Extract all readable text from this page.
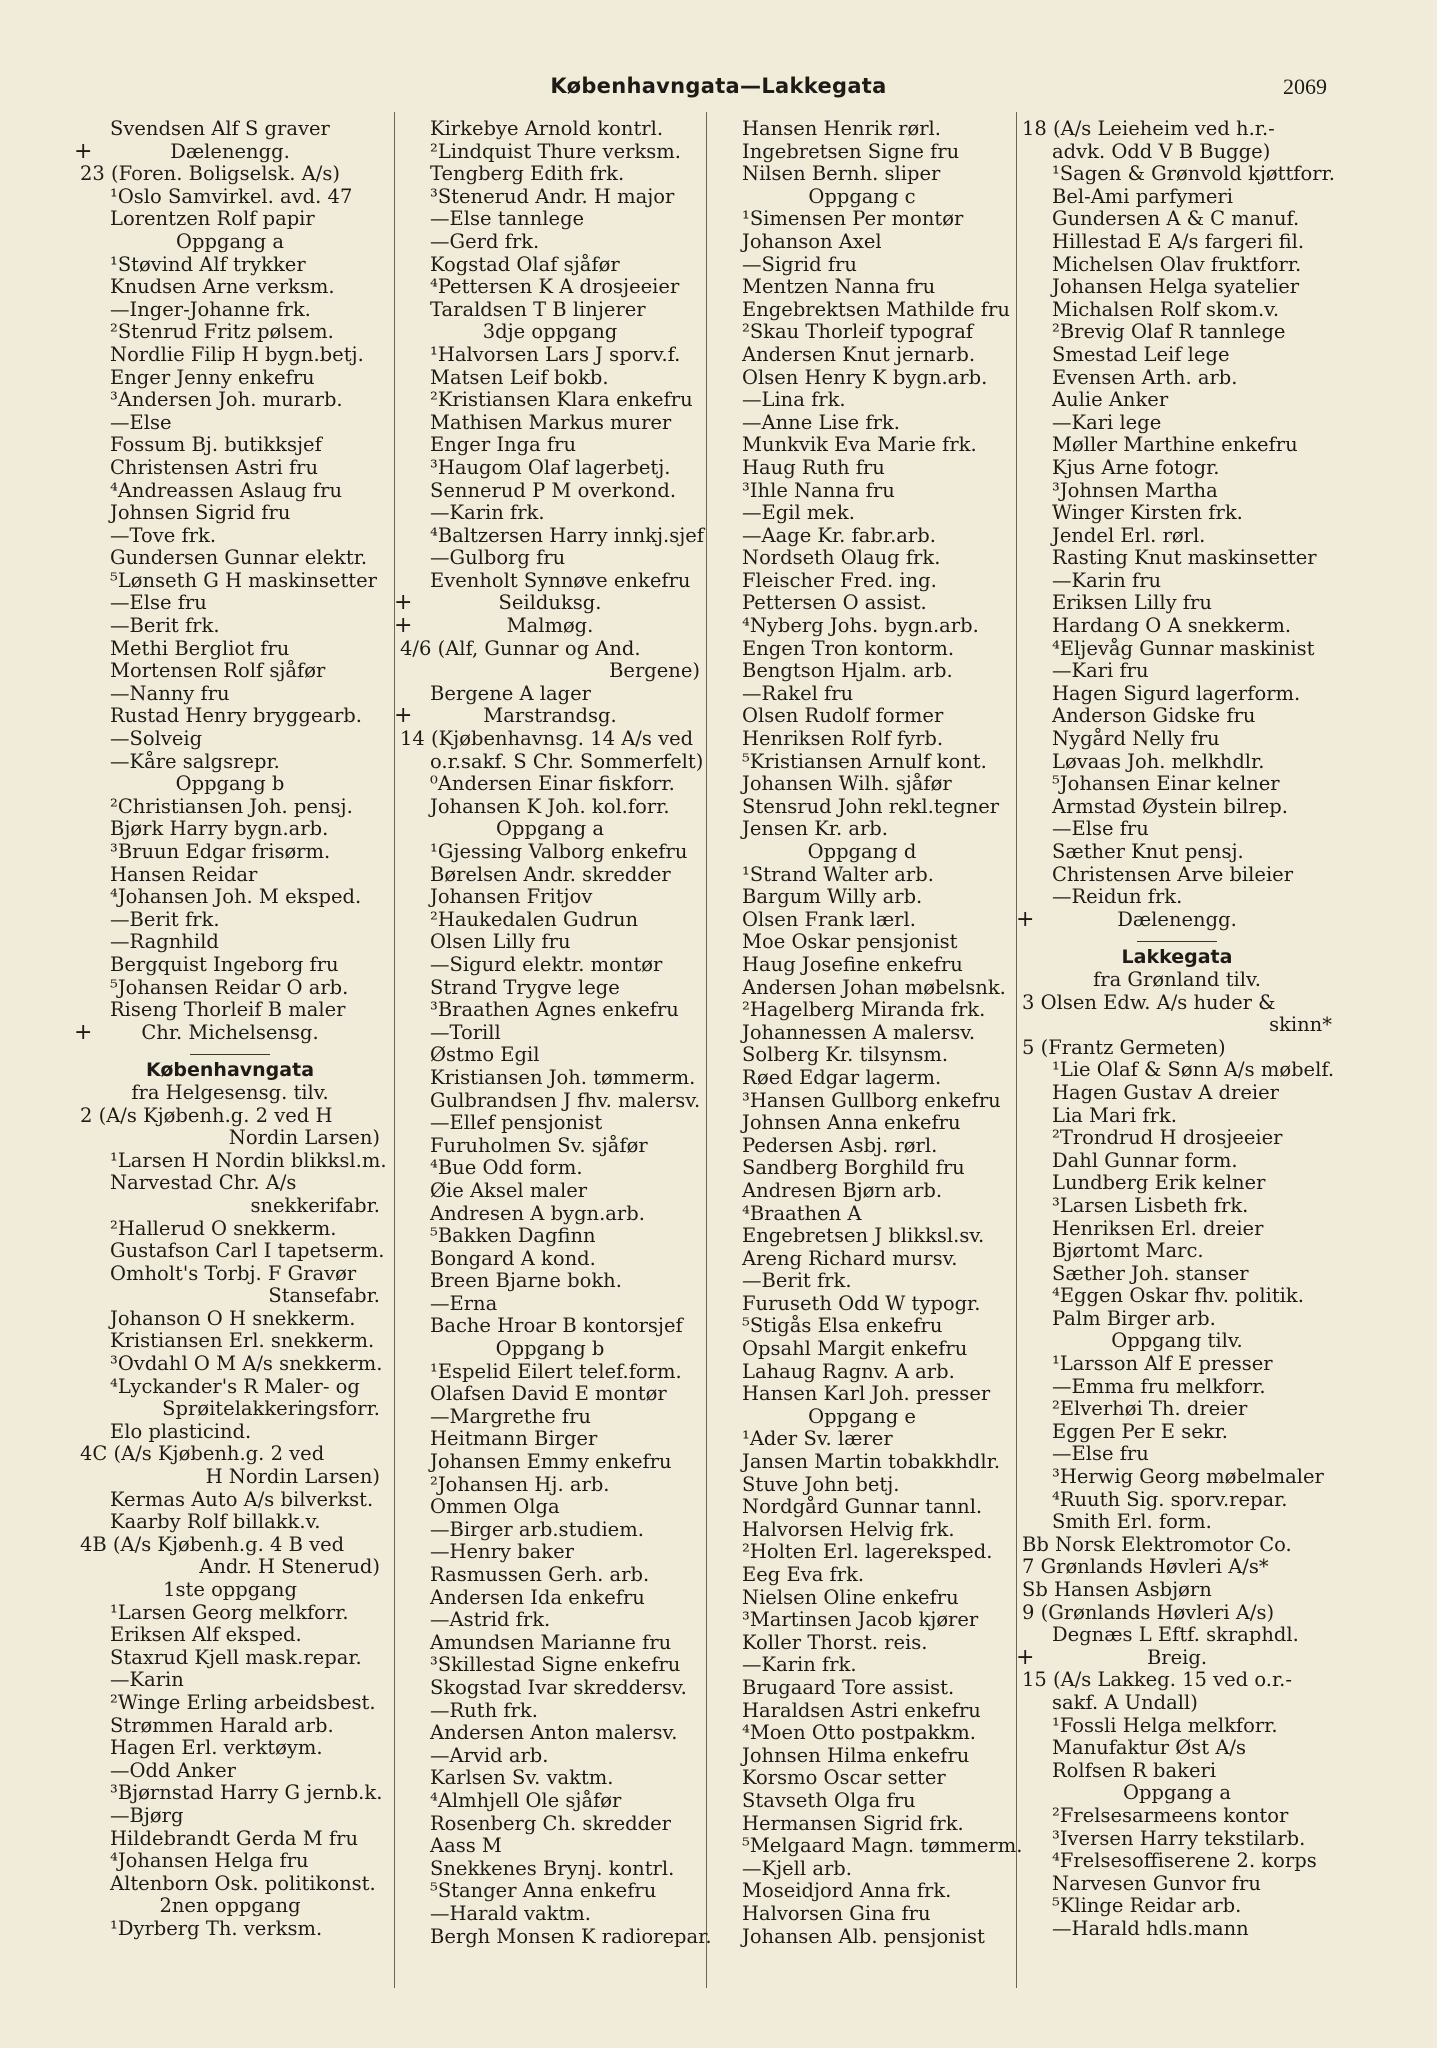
København​gata—Lakkegata	2069
Svendsen Alf S graver
+	Dælenengg.
23 (Foren. Boligselsk. A/s)
¹Oslo Samvirkel. avd. 47
Lorentzen Rolf papir
Oppgang a
¹Støvind Alf trykker
Knudsen Arne verksm.
—Inger-Johanne frk.
²Stenrud Fritz pølsem.
Nordlie Filip H bygn.betj.
Enger Jenny enkefru
³Andersen Joh. murarb.
—Else
Fossum Bj. butikksjef
Christensen Astri fru
⁴Andreassen Aslaug fru
Johnsen Sigrid fru
—Tove frk.
Gundersen Gunnar elektr.
⁵Lønseth G H maskinsetter
—Else fru
—Berit frk.
Methi Bergliot fru
Mortensen Rolf sjåfør
—Nanny fru
Rustad Henry bryggearb.
—Solveig
—Kåre salgsrepr.
Oppgang b
²Christiansen Joh. pensj.
Bjørk Harry bygn.arb.
³Bruun Edgar frisørm.
Hansen Reidar
⁴Johansen Joh. M eksped.
—Berit frk.
—Ragnhild
Bergquist Ingeborg fru
⁵Johansen Reidar O arb.
Riseng Thorleif B maler
+	Chr. Michelsensg.
Københavngata
fra Helgesensg. tilv.
2 (A/s Kjøbenh.g. 2 ved H
Nordin Larsen)
¹Larsen H Nordin blikksl.m.
Narvestad Chr. A/s
snekkerifabr.
²Hallerud O snekkerm.
Gustafson Carl I tapetserm.
Omholt's Torbj. F Gravør
Stansefabr.
Johanson O H snekkerm.
Kristiansen Erl. snekkerm.
³Ovdahl O M A/s snekkerm.
⁴Lyckander's R Maler- og
Sprøitelakkeringsforr.
Elo plasticind.
4C (A/s Kjøbenh.g. 2 ved
H Nordin Larsen)
Kermas Auto A/s bilverkst.
Kaarby Rolf billakk.v.
4B (A/s Kjøbenh.g. 4 B ved
Andr. H Stenerud)
1ste oppgang
¹Larsen Georg melkforr.
Eriksen Alf eksped.
Staxrud Kjell mask.repar.
—Karin
²Winge Erling arbeidsbest.
Strømmen Harald arb.
Hagen Erl. verktøym.
—Odd Anker
³Bjørnstad Harry G jernb.k.
—Bjørg
Hildebrandt Gerda M fru
⁴Johansen Helga fru
Altenborn Osk. politikonst.
2nen oppgang
¹Dyrberg Th. verksm.
Kirkebye Arnold kontrl.
²Lindquist Thure verksm.
Tengberg Edith frk.
³Stenerud Andr. H major
—Else tannlege
—Gerd frk.
Kogstad Olaf sjåfør
⁴Pettersen K A drosjeeier
Taraldsen T B linjerer
3dje oppgang
¹Halvorsen Lars J sporv.f.
Matsen Leif bokb.
²Kristiansen Klara enkefru
Mathisen Markus murer
Enger Inga fru
³Haugom Olaf lagerbetj.
Sennerud P M overkond.
—Karin frk.
⁴Baltzersen Harry innkj.sjef
—Gulborg fru
Evenholt Synnøve enkefru
+	Seilduksg.
+	Malmøg.
4/6 (Alf, Gunnar og And.
Bergene)
Bergene A lager
+	Marstrandsg.
14 (Kjøbenhavnsg. 14 A/s ved
o.r.sakf. S Chr. Sommerfelt)
⁰Andersen Einar fiskforr.
Johansen K Joh. kol.forr.
Oppgang a
¹Gjessing Valborg enkefru
Børelsen Andr. skredder
Johansen Fritjov
²Haukedalen Gudrun
Olsen Lilly fru
—Sigurd elektr. montør
Strand Trygve lege
³Braathen Agnes enkefru
—Torill
Østmo Egil
Kristiansen Joh. tømmerm.
Gulbrandsen J fhv. malersv.
—Ellef pensjonist
Furuholmen Sv. sjåfør
⁴Bue Odd form.
Øie Aksel maler
Andresen A bygn.arb.
⁵Bakken Dagfinn
Bongard A kond.
Breen Bjarne bokh.
—Erna
Bache Hroar B kontorsjef
Oppgang b
¹Espelid Eilert telef.form.
Olafsen David E montør
—Margrethe fru
Heitmann Birger
Johansen Emmy enkefru
²Johansen Hj. arb.
Ommen Olga
—Birger arb.studiem.
—Henry baker
Rasmussen Gerh. arb.
Andersen Ida enkefru
—Astrid frk.
Amundsen Marianne fru
³Skillestad Signe enkefru
Skogstad Ivar skreddersv.
—Ruth frk.
Andersen Anton malersv.
—Arvid arb.
Karlsen Sv. vaktm.
⁴Almhjell Ole sjåfør
Rosenberg Ch. skredder
Aass M
Snekkenes Brynj. kontrl.
⁵Stanger Anna enkefru
—Harald vaktm.
Bergh Monsen K radiorepar.
Hansen Henrik rørl.
Ingebretsen Signe fru
Nilsen Bernh. sliper
Oppgang c
¹Simensen Per montør
Johanson Axel
—Sigrid fru
Mentzen Nanna fru
Engebrektsen Mathilde fru
²Skau Thorleif typograf
Andersen Knut jernarb.
Olsen Henry K bygn.arb.
—Lina frk.
—Anne Lise frk.
Munkvik Eva Marie frk.
Haug Ruth fru
³Ihle Nanna fru
—Egil mek.
—Aage Kr. fabr.arb.
Nordseth Olaug frk.
Fleischer Fred. ing.
Pettersen O assist.
⁴Nyberg Johs. bygn.arb.
Engen Tron kontorm.
Bengtson Hjalm. arb.
—Rakel fru
Olsen Rudolf former
Henriksen Rolf fyrb.
⁵Kristiansen Arnulf kont.
Johansen Wilh. sjåfør
Stensrud John rekl.tegner
Jensen Kr. arb.
Oppgang d
¹Strand Walter arb.
Bargum Willy arb.
Olsen Frank lærl.
Moe Oskar pensjonist
Haug Josefine enkefru
Andersen Johan møbelsnk.
²Hagelberg Miranda frk.
Johannessen A malersv.
Solberg Kr. tilsynsm.
Røed Edgar lagerm.
³Hansen Gullborg enkefru
Johnsen Anna enkefru
Pedersen Asbj. rørl.
Sandberg Borghild fru
Andresen Bjørn arb.
⁴Braathen A
Engebretsen J blikksl.sv.
Areng Richard mursv.
—Berit frk.
Furuseth Odd W typogr.
⁵Stigås Elsa enkefru
Opsahl Margit enkefru
Lahaug Ragnv. A arb.
Hansen Karl Joh. presser
Oppgang e
¹Ader Sv. lærer
Jansen Martin tobakkhdlr.
Stuve John betj.
Nordgård Gunnar tannl.
Halvorsen Helvig frk.
²Holten Erl. lagereksped.
Eeg Eva frk.
Nielsen Oline enkefru
³Martinsen Jacob kjører
Koller Thorst. reis.
—Karin frk.
Brugaard Tore assist.
Haraldsen Astri enkefru
⁴Moen Otto postpakkm.
Johnsen Hilma enkefru
Korsmo Oscar setter
Stavseth Olga fru
Hermansen Sigrid frk.
⁵Melgaard Magn. tømmerm.
—Kjell arb.
Moseidjord Anna frk.
Halvorsen Gina fru
Johansen Alb. pensjonist
18 (A/s Leieheim ved h.r.-
advk. Odd V B Bugge)
¹Sagen & Grønvold kjøttforr.
Bel-Ami parfymeri
Gundersen A & C manuf.
Hillestad E A/s fargeri fil.
Michelsen Olav fruktforr.
Johansen Helga syatelier
Michalsen Rolf skom.v.
²Brevig Olaf R tannlege
Smestad Leif lege
Evensen Arth. arb.
Aulie Anker
—Kari lege
Møller Marthine enkefru
Kjus Arne fotogr.
³Johnsen Martha
Winger Kirsten frk.
Jendel Erl. rørl.
Rasting Knut maskinsetter
—Karin fru
Eriksen Lilly fru
Hardang O A snekkerm.
⁴Eljevåg Gunnar maskinist
—Kari fru
Hagen Sigurd lagerform.
Anderson Gidske fru
Nygård Nelly fru
Løvaas Joh. melkhdlr.
⁵Johansen Einar kelner
Armstad Øystein bilrep.
—Else fru
Sæther Knut pensj.
Christensen Arve bileier
—Reidun frk.
+	Dælenengg.
Lakkegata
fra Grønland tilv.
3 Olsen Edw. A/s huder &
skinn*
5 (Frantz Germeten)
¹Lie Olaf & Sønn A/s møbelf.
Hagen Gustav A dreier
Lia Mari frk.
²Trondrud H drosjeeier
Dahl Gunnar form.
Lundberg Erik kelner
³Larsen Lisbeth frk.
Henriksen Erl. dreier
Bjørtomt Marc.
Sæther Joh. stanser
⁴Eggen Oskar fhv. politik.
Palm Birger arb.
Oppgang tilv.
¹Larsson Alf E presser
—Emma fru melkforr.
²Elverhøi Th. dreier
Eggen Per E sekr.
—Else fru
³Herwig Georg møbelmaler
⁴Ruuth Sig. sporv.repar.
Smith Erl. form.
Bb Norsk Elektromotor Co.
7 Grønlands Høvleri A/s*
Sb Hansen Asbjørn
9 (Grønlands Høvleri A/s)
Degnæs L Eftf. skraphdl.
+	Breig.
15 (A/s Lakkeg. 15 ved o.r.-
sakf. A Undall)
¹Fossli Helga melkforr.
Manufaktur Øst A/s
Rolfsen R bakeri
Oppgang a
²Frelsesarmeens kontor
³Iversen Harry tekstilarb.
⁴Frelsesoffiserene 2. korps
Narvesen Gunvor fru
⁵Klinge Reidar arb.
—Harald hdls.mann
